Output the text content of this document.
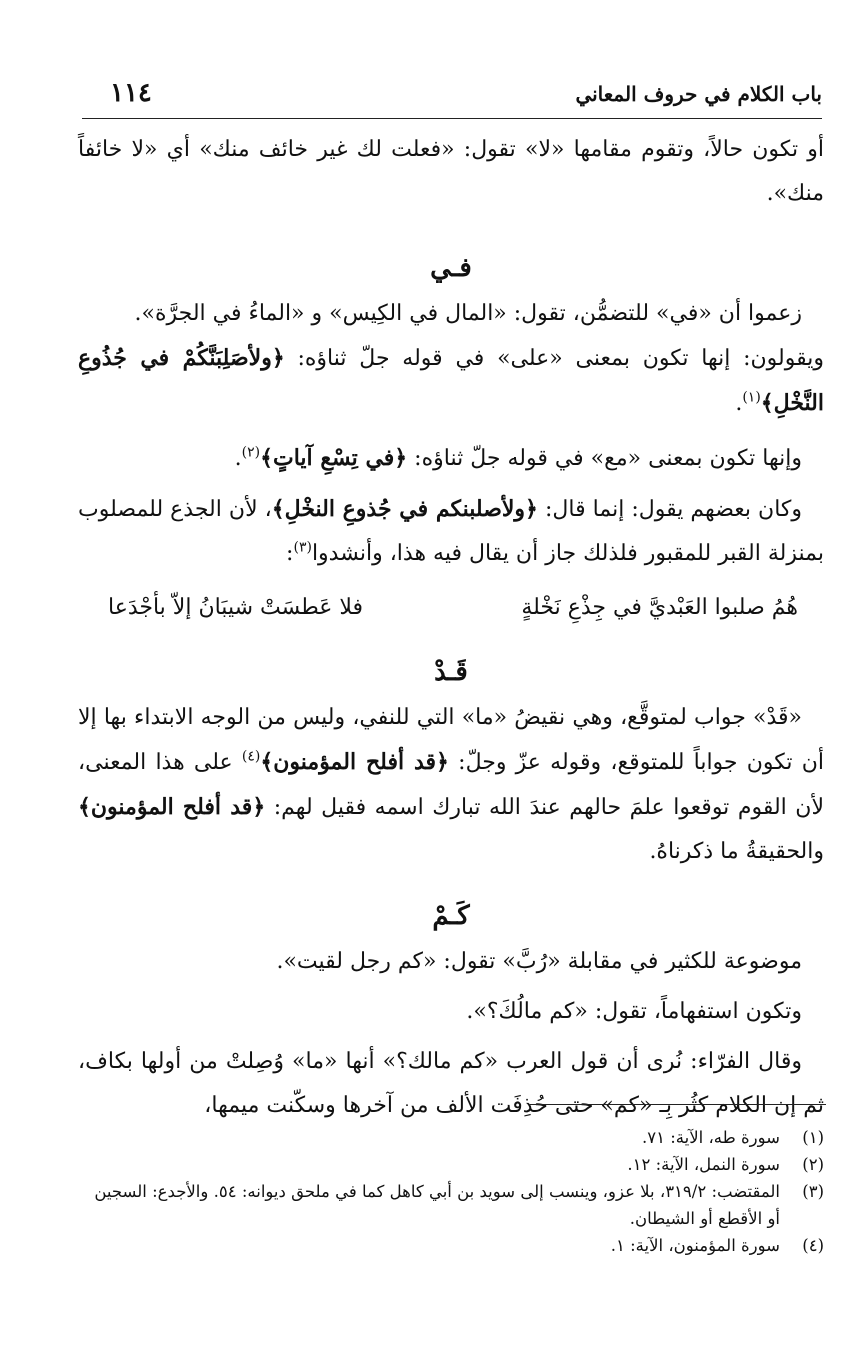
باب الكلام في حروف المعاني
١١٤

أو تكون حالاً، وتقوم مقامها «لا» تقول: «فعلت لك غير خائف منك» أي «لا خائفاً منك».

فـي

زعموا أن «في» للتضمُّن، تقول: «المال في الكِيس» و «الماءُ في الجرَّة».

ويقولون: إنها تكون بمعنى «على» في قوله جلّ ثناؤه: ﴿ولأصَلِبَنَّكُمْ في جُذُوعِ النَّخْلِ﴾$^{(١)}$.

وإنها تكون بمعنى «مع» في قوله جلّ ثناؤه: ﴿في تِسْعِ آياتٍ﴾$^{(٢)}$.

وكان بعضهم يقول: إنما قال: ﴿ولأصلبنكم في جُذوعِ النخْلِ﴾، لأن الجذع للمصلوب بمنزلة القبر للمقبور فلذلك جاز أن يقال فيه هذا، وأنشدوا$^{(٣)}$:

هُمُ صلبوا العَبْديَّ في جِذْعِ نَخْلةٍ
فلا عَطسَتْ شيبَانُ إلاّ بأجْدَعا

قَـدْ

«قَدْ» جواب لمتوقَّع، وهي نقيضُ «ما» التي للنفي، وليس من الوجه الابتداء بها إلا أن تكون جواباً للمتوقع، وقوله عزّ وجلّ: ﴿قد أفلح المؤمنون﴾$^{(٤)}$ على هذا المعنى، لأن القوم توقعوا علمَ حالهم عندَ الله تبارك اسمه فقيل لهم: ﴿قد أفلح المؤمنون﴾ والحقيقةُ ما ذكرناهُ.

كَـمْ

موضوعة للكثير في مقابلة «رُبَّ» تقول: «كم رجل لقيت».

وتكون استفهاماً، تقول: «كم مالُكَ؟».

وقال الفرّاء: نُرى أن قول العرب «كم مالك؟» أنها «ما» وُصِلتْ من أولها بكاف، ثم إن الكلام كثُر بِـ «كم» حتى حُذِفَت الألف من آخرها وسكّنت ميمها،

(١)
سورة طه، الآية: ٧١.
(٢)
سورة النمل، الآية: ١٢.
(٣)
المقتضب: ٣١٩/٢، بلا عزو، وينسب إلى سويد بن أبي كاهل كما في ملحق ديوانه: ٥٤. والأجدع: السجين أو الأقطع أو الشيطان.
(٤)
سورة المؤمنون، الآية: ١.
